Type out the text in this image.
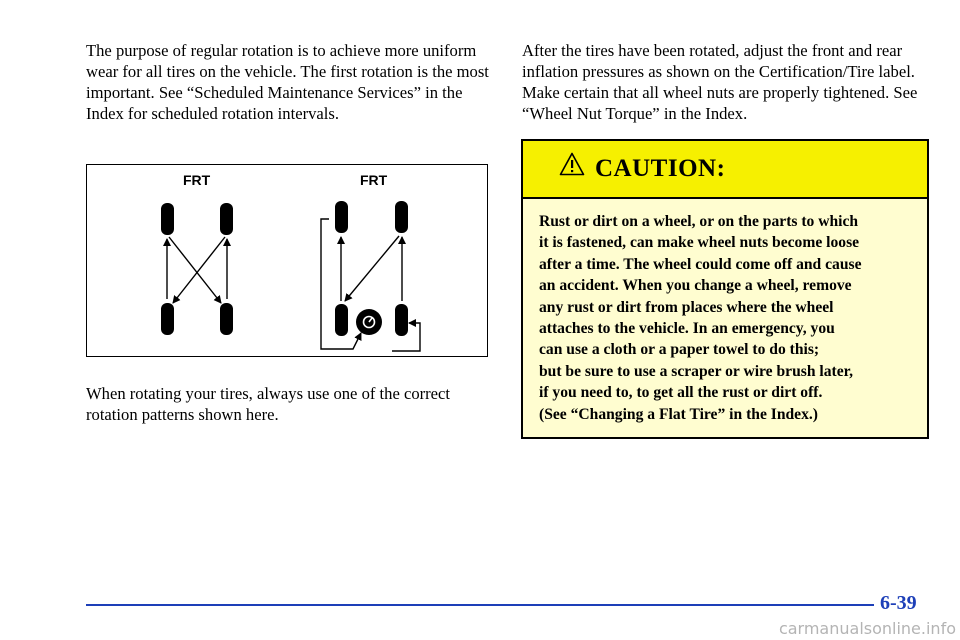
The purpose of regular rotation is to achieve more uniform wear for all tires on the vehicle. The first rotation is the most important. See “Scheduled Maintenance Services” in the Index for scheduled rotation intervals.

FRT	FRT

When rotating your tires, always use one of the correct rotation patterns shown here.

After the tires have been rotated, adjust the front and rear inflation pressures as shown on the Certification/Tire label. Make certain that all wheel nuts are properly tightened. See “Wheel Nut Torque” in the Index.

CAUTION:
Rust or dirt on a wheel, or on the parts to which
it is fastened, can make wheel nuts become loose
after a time. The wheel could come off and cause
an accident. When you change a wheel, remove
any rust or dirt from places where the wheel
attaches to the vehicle. In an emergency, you
can use a cloth or a paper towel to do this;
but be sure to use a scraper or wire brush later,
if you need to, to get all the rust or dirt off.
(See “Changing a Flat Tire” in the Index.)
6-39
carmanualsonline.info
